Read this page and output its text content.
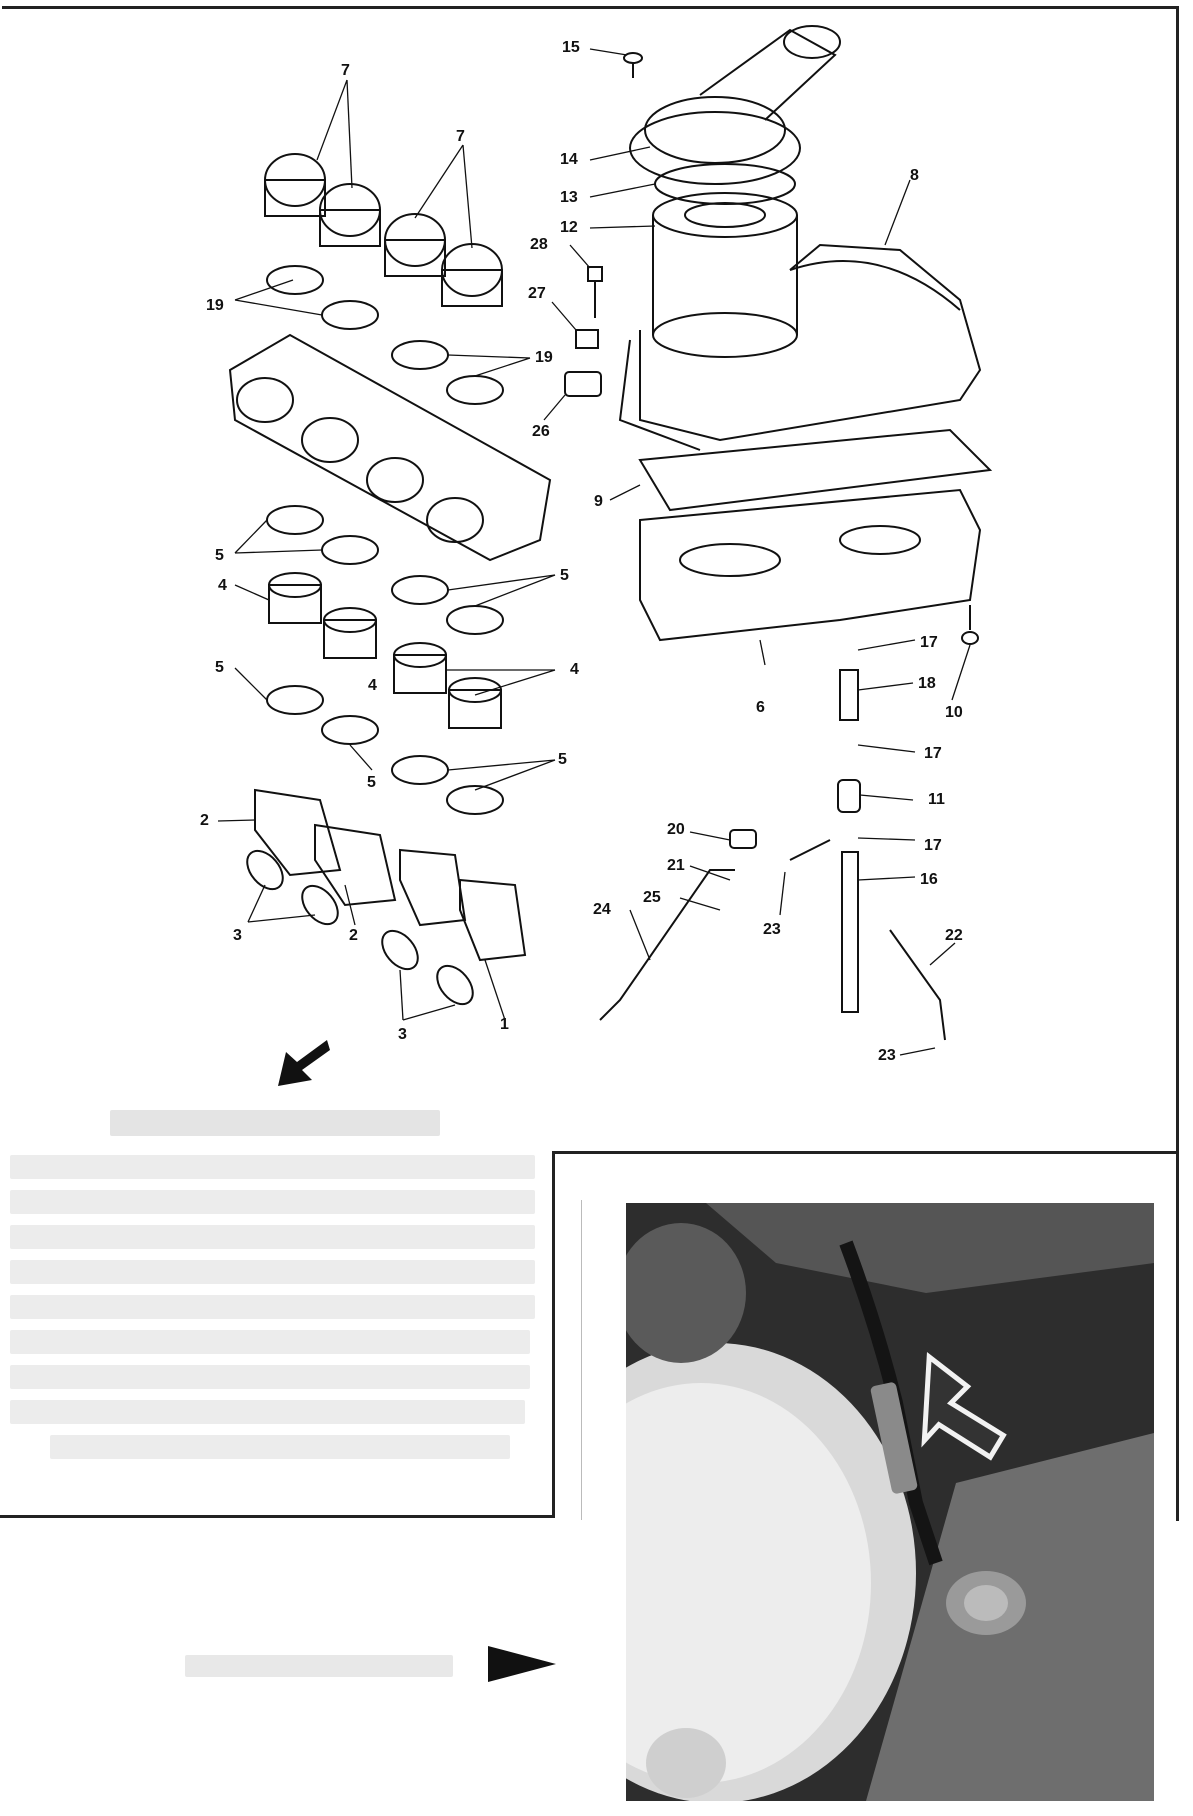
15
14
13
12
8
28
27
26
9
7
7
19
19
5
5
5
5
5
4
4
4
2
2
3
3
1
6	10
17
17
17
18
11
16
20
21
25
23
23
24
22
